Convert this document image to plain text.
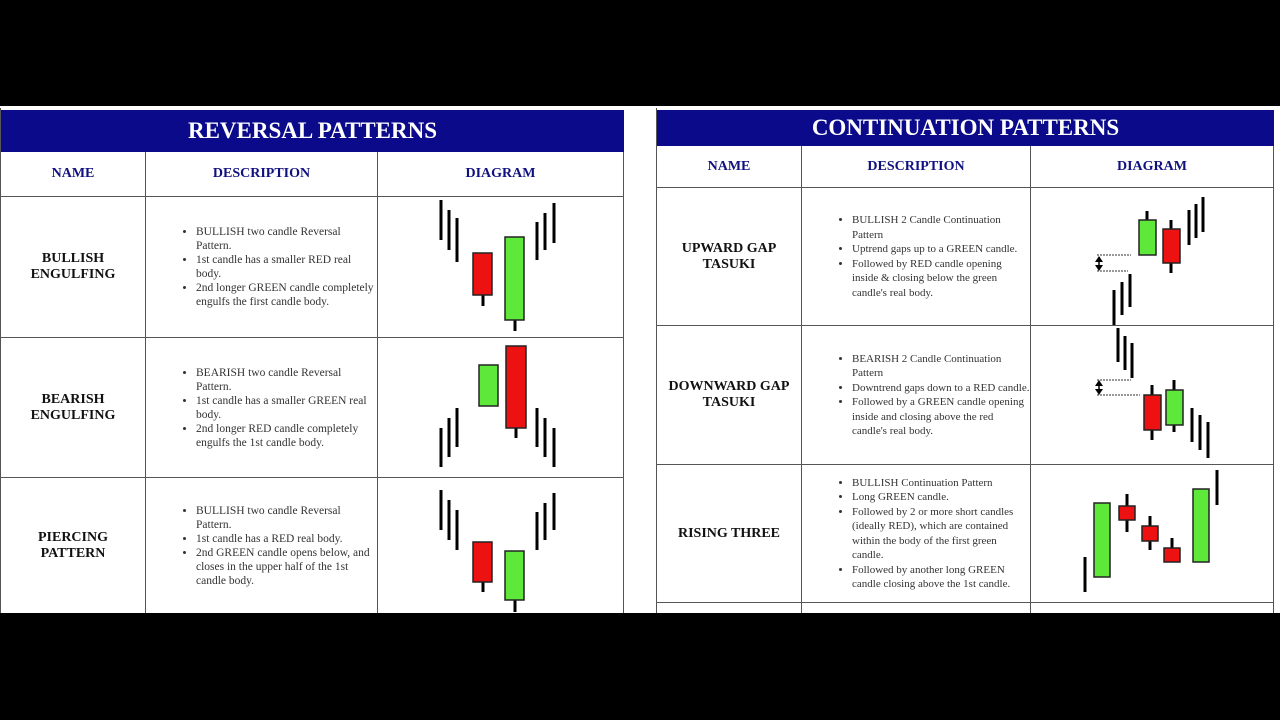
REVERSAL PATTERNS
NAME	DESCRIPTION	DIAGRAM
BULLISH ENGULFING
• BULLISH two candle Reversal Pattern.
• 1st candle has a smaller RED real body.
• 2nd longer GREEN candle completely engulfs the first candle body.
BEARISH ENGULFING
• BEARISH two candle Reversal Pattern.
• 1st candle has a smaller GREEN real body.
• 2nd longer RED candle completely engulfs the 1st candle body.
PIERCING PATTERN
• BULLISH two candle Reversal Pattern.
• 1st candle has a RED real body.
• 2nd GREEN candle opens below, and closes in the upper half of the 1st candle body.
CONTINUATION PATTERNS
NAME	DESCRIPTION	DIAGRAM
UPWARD GAP TASUKI
• BULLISH 2 Candle Continuation Pattern
• Uptrend gaps up to a GREEN candle.
• Followed by RED candle opening inside & closing below the green candle's real body.
DOWNWARD GAP TASUKI
• BEARISH 2 Candle Continuation Pattern
• Downtrend gaps down to a RED candle.
• Followed by a GREEN candle opening inside and closing above the red candle's real body.
RISING THREE
• BULLISH Continuation Pattern
• Long GREEN candle.
• Followed by 2 or more short candles (ideally RED), which are contained within the body of the first green candle.
• Followed by another long GREEN candle closing above the 1st candle.
